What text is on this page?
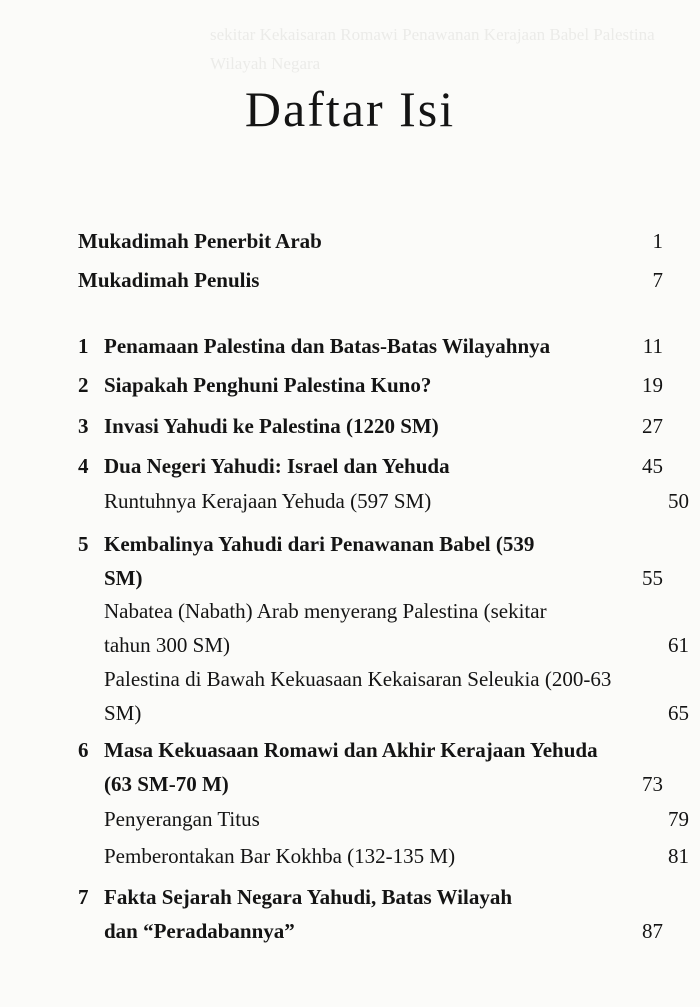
sekitar Kekaisaran Romawi Penawanan Kerajaan Babel Palestina Wilayah Negara
Daftar Isi
Mukadimah Penerbit Arab	1
Mukadimah Penulis	7
1 Penamaan Palestina dan Batas-Batas Wilayahnya	11
2 Siapakah Penghuni Palestina Kuno?	19
3 Invasi Yahudi ke Palestina (1220 SM)	27
4 Dua Negeri Yahudi: Israel dan Yehuda	45
Runtuhnya Kerajaan Yehuda (597 SM)	50
5 Kembalinya Yahudi dari Penawanan Babel (539 SM)	55
Nabatea (Nabath) Arab menyerang Palestina (sekitar tahun 300 SM)	61
Palestina di Bawah Kekuasaan Kekaisaran Seleukia (200-63 SM)	65
6 Masa Kekuasaan Romawi dan Akhir Kerajaan Yehuda (63 SM-70 M)	73
Penyerangan Titus	79
Pemberontakan Bar Kokhba (132-135 M)	81
7 Fakta Sejarah Negara Yahudi, Batas Wilayah dan “Peradabannya”	87
